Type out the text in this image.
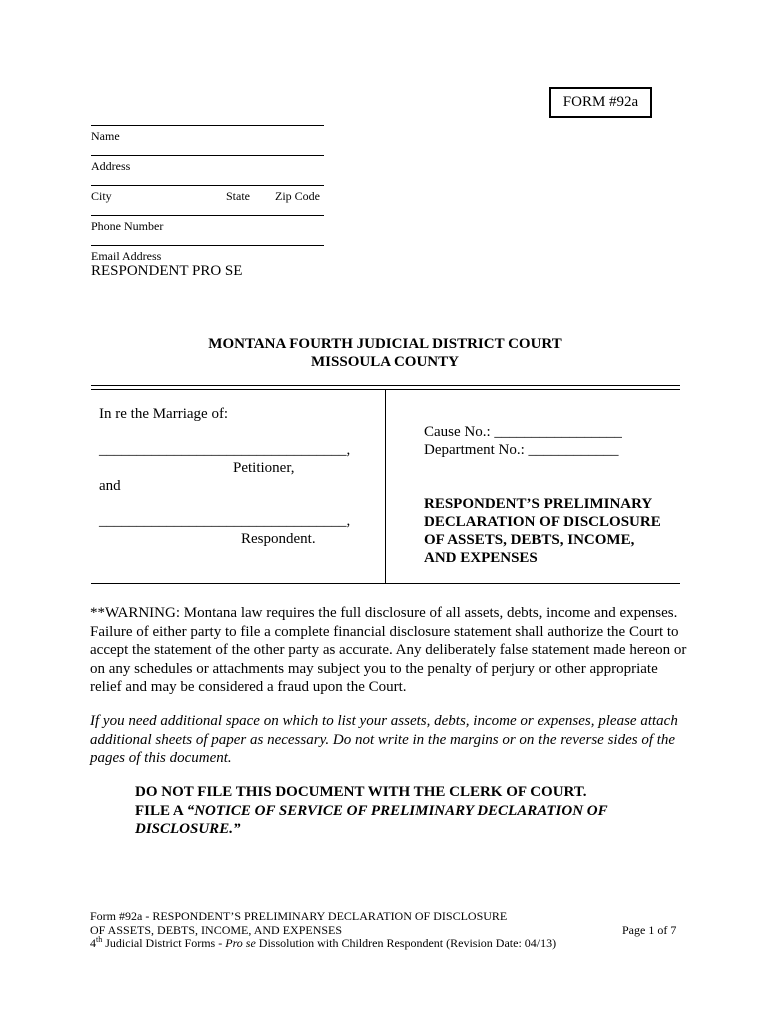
FORM #92a
Name
Address
City	State Zip Code
Phone Number
Email Address
RESPONDENT PRO SE
MONTANA FOURTH JUDICIAL DISTRICT COURT
MISSOULA COUNTY
In re the Marriage of:
_________________________________,
Petitioner,
and
_________________________________,
Respondent.
Cause No.: _________________
Department No.: ____________
RESPONDENT’S PRELIMINARY
DECLARATION OF DISCLOSURE
OF ASSETS, DEBTS, INCOME,
AND EXPENSES
**WARNING: Montana law requires the full disclosure of all assets, debts, income and expenses. Failure of either party to file a complete financial disclosure statement shall authorize the Court to accept the statement of the other party as accurate. Any deliberately false statement made hereon or on any schedules or attachments may subject you to the penalty of perjury or other appropriate relief and may be considered a fraud upon the Court.
If you need additional space on which to list your assets, debts, income or expenses, please attach additional sheets of paper as necessary. Do not write in the margins or on the reverse sides of the pages of this document.
DO NOT FILE THIS DOCUMENT WITH THE CLERK OF COURT.
FILE A “NOTICE OF SERVICE OF PRELIMINARY DECLARATION OF DISCLOSURE.”
Form #92a - RESPONDENT’S PRELIMINARY DECLARATION OF DISCLOSURE
OF ASSETS, DEBTS, INCOME, AND EXPENSES
4th Judicial District Forms - Pro se Dissolution with Children Respondent (Revision Date: 04/13)
Page 1 of 7
